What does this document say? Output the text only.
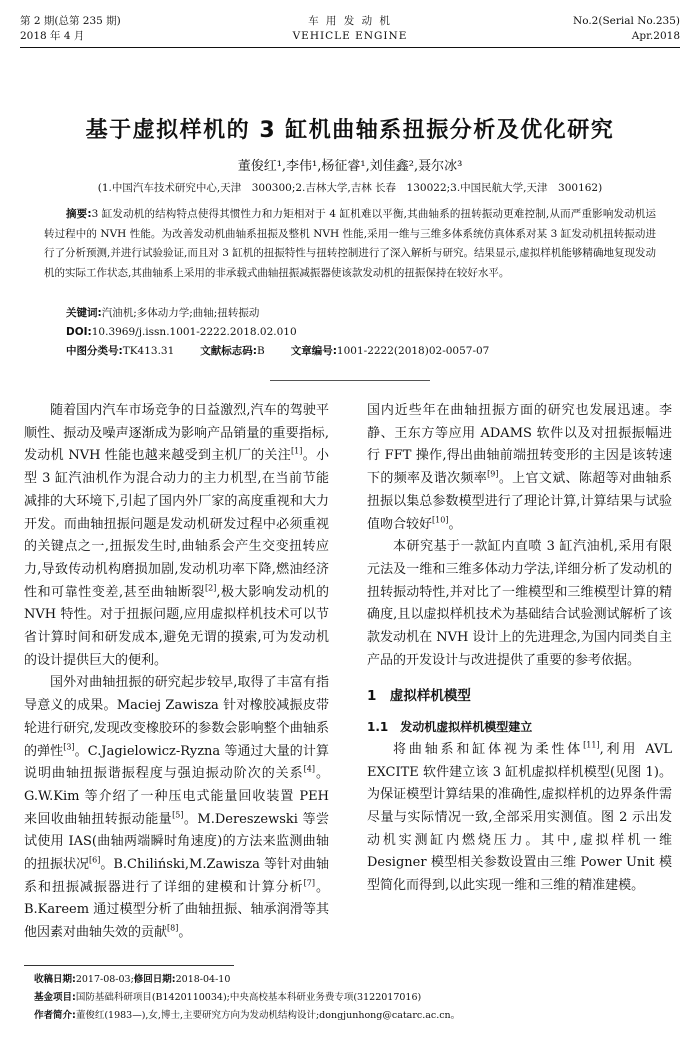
第 2 期(总第 235 期)
2018 年 4 月
车 用 发 动 机
VEHICLE ENGINE
No.2(Serial No.235)
Apr.2018
基于虚拟样机的 3 缸机曲轴系扭振分析及优化研究
董俊红¹,李伟¹,杨征睿¹,刘佳鑫²,聂尔冰³
(1.中国汽车技术研究中心,天津　300300;2.吉林大学,吉林 长春　130022;3.中国民航大学,天津　300162)
摘要:3 缸发动机的结构特点使得其惯性力和力矩相对于 4 缸机难以平衡,其曲轴系的扭转振动更难控制,从而严重影响发动机运转过程中的 NVH 性能。为改善发动机曲轴系扭振及整机 NVH 性能,采用一维与三维多体系统仿真体系对某 3 缸发动机扭转振动进行了分析预测,并进行试验验证,而且对 3 缸机的扭振特性与扭转控制进行了深入解析与研究。结果显示,虚拟样机能够精确地复现发动机的实际工作状态,其曲轴系上采用的非承载式曲轴扭振减振器使该款发动机的扭振保持在较好水平。
关键词:汽油机;多体动力学;曲轴;扭转振动
DOI:10.3969/j.issn.1001-2222.2018.02.010
中图分类号:TK413.31 文献标志码:B 文章编号:1001-2222(2018)02-0057-07

随着国内汽车市场竞争的日益激烈,汽车的驾驶平顺性、振动及噪声逐渐成为影响产品销量的重要指标,发动机 NVH 性能也越来越受到主机厂的关注[1]。小型 3 缸汽油机作为混合动力的主力机型,在当前节能减排的大环境下,引起了国内外厂家的高度重视和大力开发。而曲轴扭振问题是发动机研发过程中必须重视的关键点之一,扭振发生时,曲轴系会产生交变扭转应力,导致传动机构磨损加剧,发动机功率下降,燃油经济性和可靠性变差,甚至曲轴断裂[2],极大影响发动机的 NVH 特性。对于扭振问题,应用虚拟样机技术可以节省计算时间和研发成本,避免无谓的摸索,可为发动机的设计提供巨大的便利。

国外对曲轴扭振的研究起步较早,取得了丰富有指导意义的成果。Maciej Zawisza 针对橡胶减振皮带轮进行研究,发现改变橡胶环的参数会影响整个曲轴系的弹性[3]。C.Jagielowicz-Ryzna 等通过大量的计算说明曲轴扭振谐振程度与强迫振动阶次的关系[4]。G.W.Kim 等介绍了一种压电式能量回收装置 PEH 来回收曲轴扭转振动能量[5]。M.Dereszewski 等尝试使用 IAS(曲轴两端瞬时角速度)的方法来监测曲轴的扭振状况[6]。B.Chiliński,M.Zawisza 等针对曲轴系和扭振减振器进行了详细的建模和计算分析[7]。B.Kareem 通过模型分析了曲轴扭振、轴承润滑等其他因素对曲轴失效的贡献[8]。

国内近些年在曲轴扭振方面的研究也发展迅速。李静、王东方等应用 ADAMS 软件以及对扭振振幅进行 FFT 操作,得出曲轴前端扭转变形的主因是该转速下的频率及谐次频率[9]。上官文斌、陈超等对曲轴系扭振以集总参数模型进行了理论计算,计算结果与试验值吻合较好[10]。

本研究基于一款缸内直喷 3 缸汽油机,采用有限元法及一维和三维多体动力学法,详细分析了发动机的扭转振动特性,并对比了一维模型和三维模型计算的精确度,且以虚拟样机技术为基础结合试验测试解析了该款发动机在 NVH 设计上的先进理念,为国内同类自主产品的开发设计与改进提供了重要的参考依据。

1　虚拟样机模型

1.1　发动机虚拟样机模型建立

将曲轴系和缸体视为柔性体[11],利用 AVL EXCITE 软件建立该 3 缸机虚拟样机模型(见图 1)。为保证模型计算结果的准确性,虚拟样机的边界条件需尽量与实际情况一致,全部采用实测值。图 2 示出发动机实测缸内燃烧压力。其中,虚拟样机一维 Designer 模型相关参数设置由三维 Power Unit 模型简化而得到,以此实现一维和三维的精准建模。

收稿日期:2017-08-03;修回日期:2018-04-10
基金项目:国防基础科研项目(B1420110034);中央高校基本科研业务费专项(3122017016)
作者简介:董俊红(1983—),女,博士,主要研究方向为发动机结构设计;dongjunhong@catarc.ac.cn。
